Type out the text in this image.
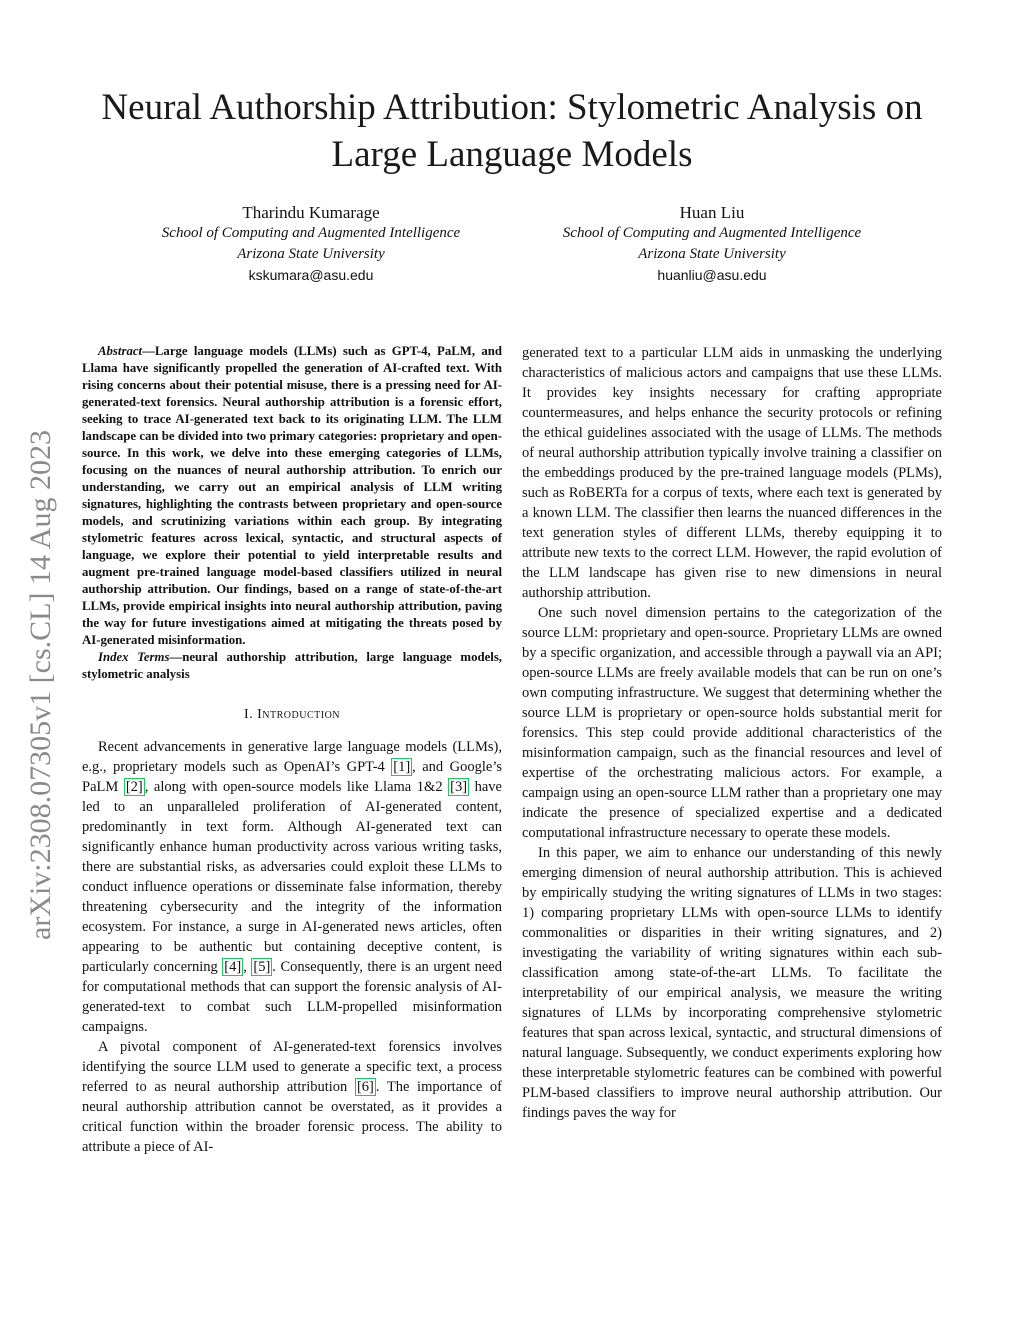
Neural Authorship Attribution: Stylometric Analysis on Large Language Models
Tharindu Kumarage
School of Computing and Augmented Intelligence
Arizona State University
kskumara@asu.edu
Huan Liu
School of Computing and Augmented Intelligence
Arizona State University
huanliu@asu.edu
arXiv:2308.07305v1 [cs.CL] 14 Aug 2023

Abstract—Large language models (LLMs) such as GPT-4, PaLM, and Llama have significantly propelled the generation of AI-crafted text. With rising concerns about their potential misuse, there is a pressing need for AI-generated-text forensics. Neural authorship attribution is a forensic effort, seeking to trace AI-generated text back to its originating LLM. The LLM landscape can be divided into two primary categories: proprietary and open-source. In this work, we delve into these emerging categories of LLMs, focusing on the nuances of neural authorship attribution. To enrich our understanding, we carry out an empirical analysis of LLM writing signatures, highlighting the contrasts between proprietary and open-source models, and scrutinizing variations within each group. By integrating stylometric features across lexical, syntactic, and structural aspects of language, we explore their potential to yield interpretable results and augment pre-trained language model-based classifiers utilized in neural authorship attribution. Our findings, based on a range of state-of-the-art LLMs, provide empirical insights into neural authorship attribution, paving the way for future investigations aimed at mitigating the threats posed by AI-generated misinformation.

Index Terms—neural authorship attribution, large language models, stylometric analysis

I. Introduction

Recent advancements in generative large language models (LLMs), e.g., proprietary models such as OpenAI’s GPT-4 [1] , and Google’s PaLM [2] , along with open-source models like Llama 1&2 [3] have led to an unparalleled proliferation of AI-generated content, predominantly in text form. Although AI-generated text can significantly enhance human productivity across various writing tasks, there are substantial risks, as adversaries could exploit these LLMs to conduct influence operations or disseminate false information, thereby threatening cybersecurity and the integrity of the information ecosystem. For instance, a surge in AI-generated news articles, often appearing to be authentic but containing deceptive content, is particularly concerning [4] , [5] . Consequently, there is an urgent need for computational methods that can support the forensic analysis of AI-generated-text to combat such LLM-propelled misinformation campaigns.

A pivotal component of AI-generated-text forensics involves identifying the source LLM used to generate a specific text, a process referred to as neural authorship attribution [6] . The importance of neural authorship attribution cannot be overstated, as it provides a critical function within the broader forensic process. The ability to attribute a piece of AI-

generated text to a particular LLM aids in unmasking the underlying characteristics of malicious actors and campaigns that use these LLMs. It provides key insights necessary for crafting appropriate countermeasures, and helps enhance the security protocols or refining the ethical guidelines associated with the usage of LLMs. The methods of neural authorship attribution typically involve training a classifier on the embeddings produced by the pre-trained language models (PLMs), such as RoBERTa for a corpus of texts, where each text is generated by a known LLM. The classifier then learns the nuanced differences in the text generation styles of different LLMs, thereby equipping it to attribute new texts to the correct LLM. However, the rapid evolution of the LLM landscape has given rise to new dimensions in neural authorship attribution.

One such novel dimension pertains to the categorization of the source LLM: proprietary and open-source. Proprietary LLMs are owned by a specific organization, and accessible through a paywall via an API; open-source LLMs are freely available models that can be run on one’s own computing infrastructure. We suggest that determining whether the source LLM is proprietary or open-source holds substantial merit for forensics. This step could provide additional characteristics of the misinformation campaign, such as the financial resources and level of expertise of the orchestrating malicious actors. For example, a campaign using an open-source LLM rather than a proprietary one may indicate the presence of specialized expertise and a dedicated computational infrastructure necessary to operate these models.

In this paper, we aim to enhance our understanding of this newly emerging dimension of neural authorship attribution. This is achieved by empirically studying the writing signatures of LLMs in two stages: 1) comparing proprietary LLMs with open-source LLMs to identify commonalities or disparities in their writing signatures, and 2) investigating the variability of writing signatures within each sub-classification among state-of-the-art LLMs. To facilitate the interpretability of our empirical analysis, we measure the writing signatures of LLMs by incorporating comprehensive stylometric features that span across lexical, syntactic, and structural dimensions of natural language. Subsequently, we conduct experiments exploring how these interpretable stylometric features can be combined with powerful PLM-based classifiers to improve neural authorship attribution. Our findings paves the way for
